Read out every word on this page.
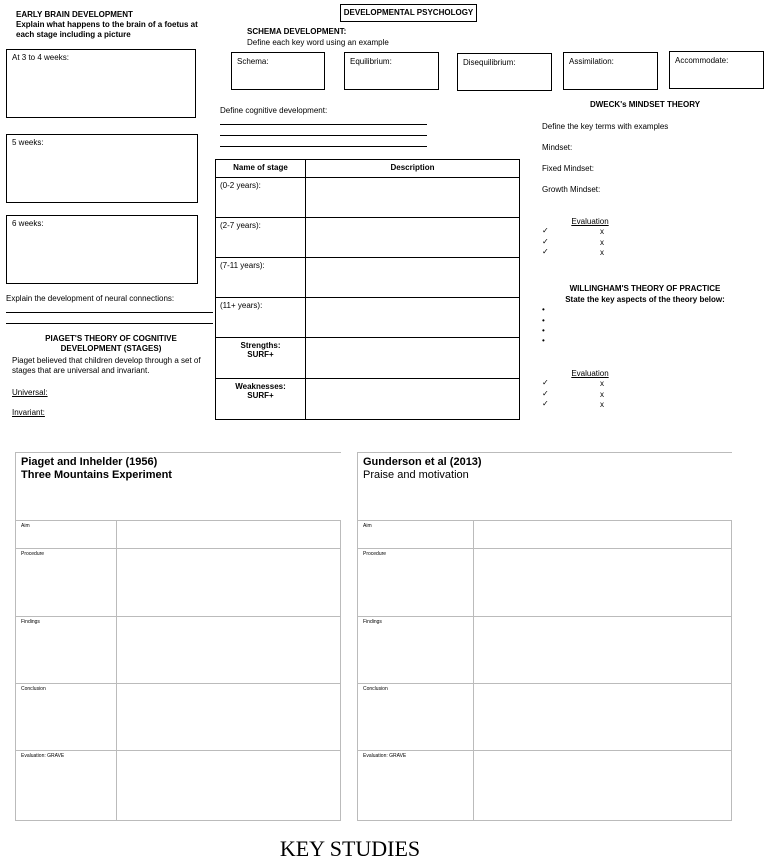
DEVELOPMENTAL PSYCHOLOGY
EARLY BRAIN DEVELOPMENT
Explain what happens to the brain of a foetus at each stage including a picture
At 3 to 4 weeks:
5 weeks:
6 weeks:
Explain the development of neural connections:
PIAGET'S THEORY OF COGNITIVE DEVELOPMENT (STAGES)
Piaget believed that children develop through a set of stages that are universal and invariant.
Universal:
Invariant:
SCHEMA DEVELOPMENT:
Define each key word using an example
Schema:	Equilibrium:	Disequilibrium:	Assimilation:	Accommodate:
Define cognitive development:
Name of stage	Description
(0-2 years):	
(2-7 years):	
(7-11 years):	
(11+ years):	

Strengths:
SURF+	

Weaknesses:
SURF+	

DWECK's MINDSET THEORY
Define the key terms with examples
Mindset:
Fixed Mindset:
Growth Mindset:
Evaluation
✓	x
✓	x
✓	x
WILLINGHAM'S THEORY OF PRACTICE
State the key aspects of the theory below:
•
•
•
•
Evaluation
✓	x
✓	x
✓	x
Piaget and Inhelder (1956)
Three Mountains Experiment
Aim
Procedure
Findings
Conclusion
Evaluation: GRAVE
Gunderson et al (2013)
Praise and motivation
Aim
Procedure
Findings
Conclusion
Evaluation: GRAVE
KEY STUDIES
